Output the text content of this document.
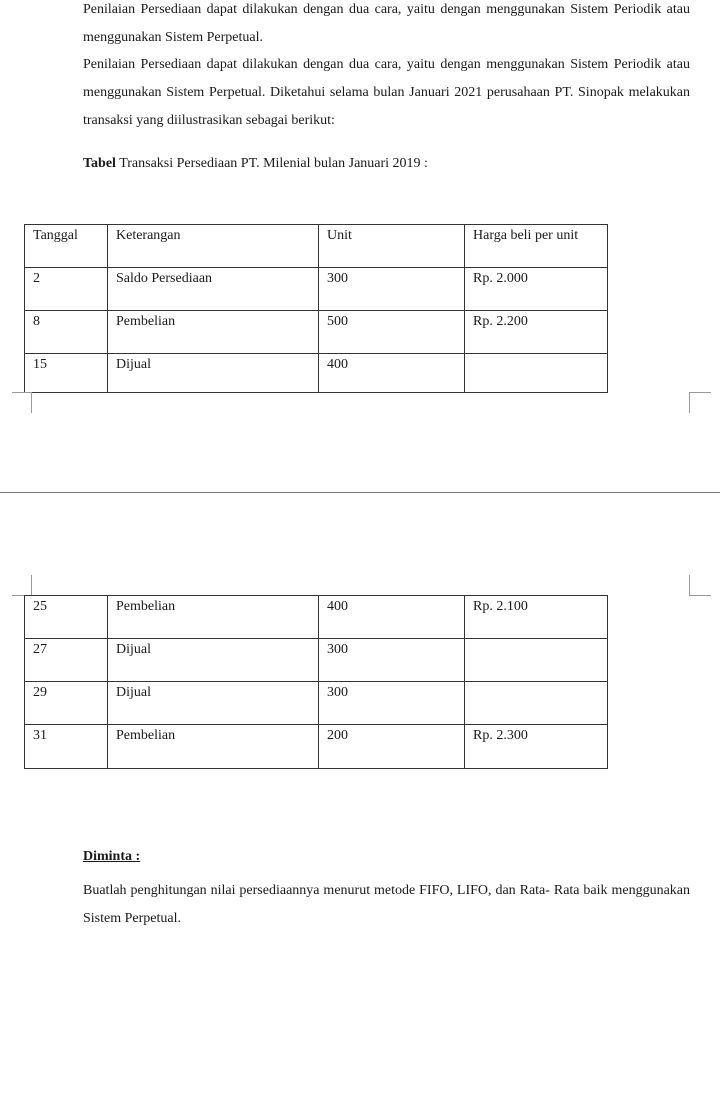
Penilaian Persediaan dapat dilakukan dengan dua cara, yaitu dengan menggunakan Sistem Periodik atau menggunakan Sistem Perpetual.

Penilaian Persediaan dapat dilakukan dengan dua cara, yaitu dengan menggunakan Sistem Periodik atau menggunakan Sistem Perpetual. Diketahui selama bulan Januari 2021 perusahaan PT. Sinopak melakukan transaksi yang diilustrasikan sebagai berikut:

Tabel Transaksi Persediaan PT. Milenial bulan Januari 2019 :
Tanggal	Keterangan	Unit	Harga beli per unit
2	Saldo Persediaan	300	Rp. 2.000
8	Pembelian	500	Rp. 2.200
15	Dijual	400	
25	Pembelian	400	Rp. 2.100
27	Dijual	300	
29	Dijual	300	
31	Pembelian	200	Rp. 2.300
Diminta :

Buatlah penghitungan nilai persediaannya menurut metode FIFO, LIFO, dan Rata- Rata baik menggunakan Sistem Perpetual.
